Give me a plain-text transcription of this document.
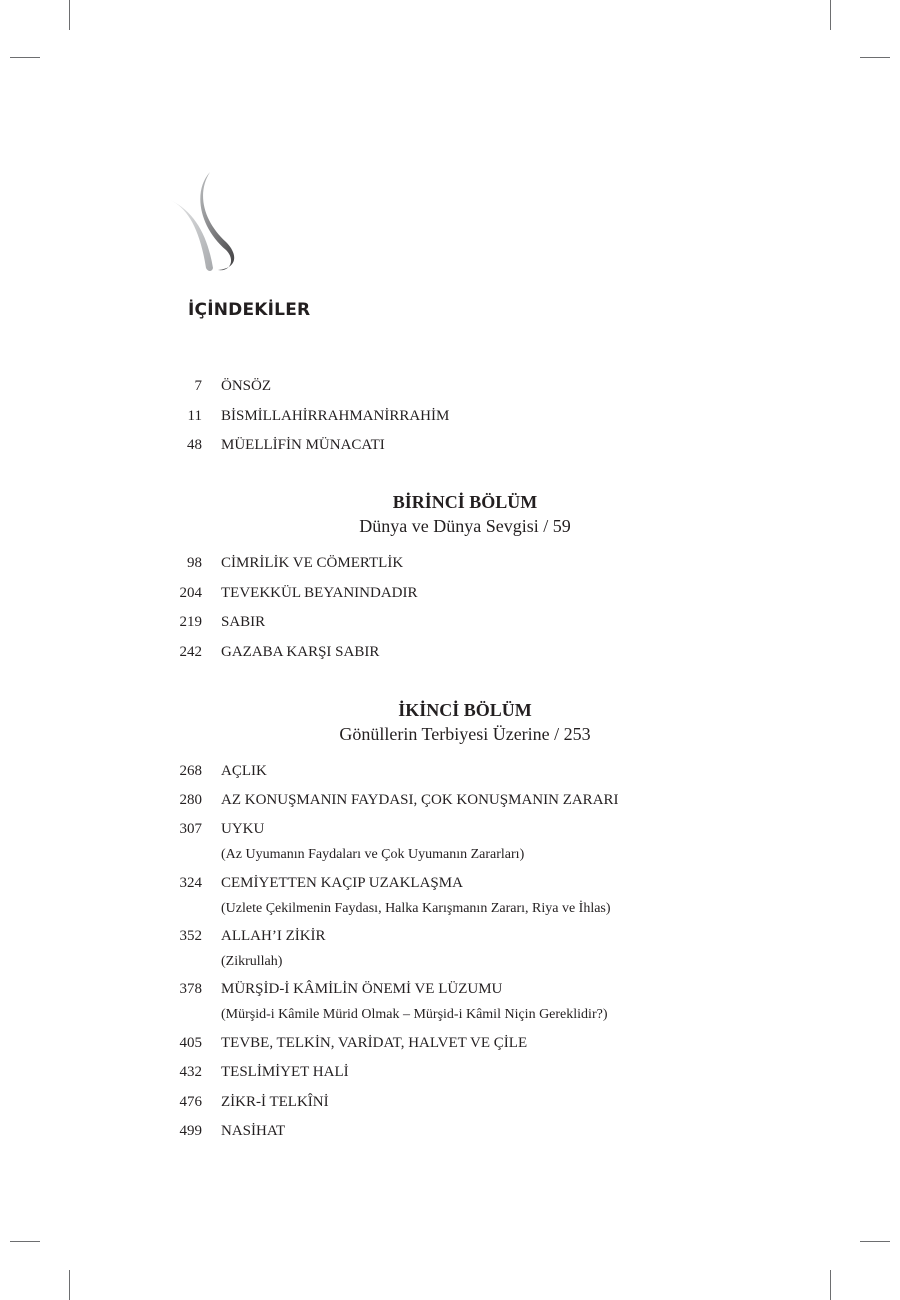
İÇİNDEKİLER
7 ÖNSÖZ
11 BİSMİLLAHİRRAHMANİRRAHİM
48 MÜELLİFİN MÜNACATI
BİRİNCİ BÖLÜM
Dünya ve Dünya Sevgisi / 59
98 CİMRİLİK VE CÖMERTLİK
204 TEVEKKÜL BEYANINDADIR
219 SABIR
242 GAZABA KARŞI SABIR
İKİNCİ BÖLÜM
Gönüllerin Terbiyesi Üzerine / 253
268 AÇLIK
280 AZ KONUŞMANIN FAYDASI, ÇOK KONUŞMANIN ZARARI
307 UYKU
(Az Uyumanın Faydaları ve Çok Uyumanın Zararları)
324 CEMİYETTEN KAÇIP UZAKLAŞMA
(Uzlete Çekilmenin Faydası, Halka Karışmanın Zararı, Riya ve İhlas)
352 ALLAH’I ZİKİR
(Zikrullah)
378 MÜRŞİD-İ KÂMİLİN ÖNEMİ VE LÜZUMU
(Mürşid-i Kâmile Mürid Olmak – Mürşid-i Kâmil Niçin Gereklidir?)
405 TEVBE, TELKİN, VARİDAT, HALVET VE ÇİLE
432 TESLİMİYET HALİ
476 ZİKR-İ TELKÎNİ
499 NASİHAT
